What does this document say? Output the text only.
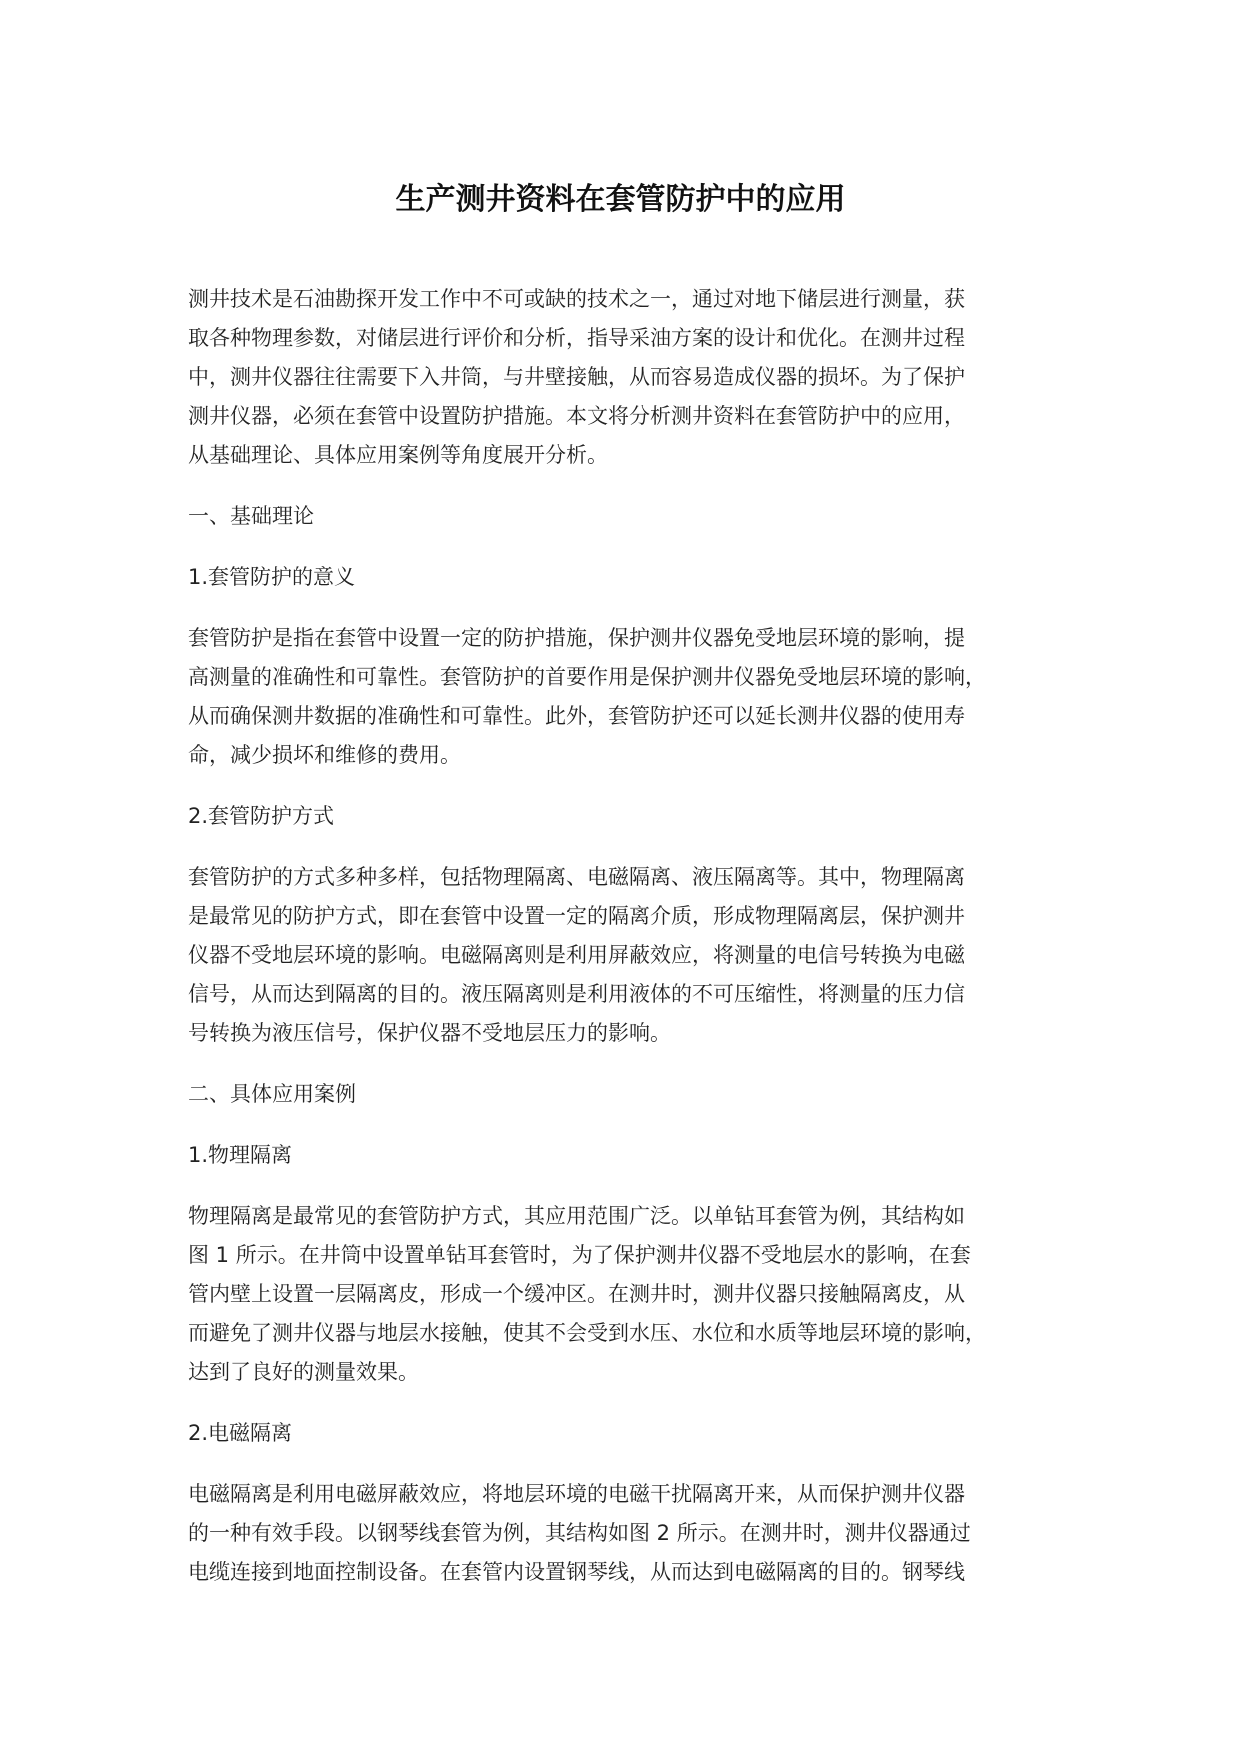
生产测井资料在套管防护中的应用
测井技术是石油勘探开发工作中不可或缺的技术之一，通过对地下储层进行测量，获
取各种物理参数，对储层进行评价和分析，指导采油方案的设计和优化。在测井过程
中，测井仪器往往需要下入井筒，与井壁接触，从而容易造成仪器的损坏。为了保护
测井仪器，必须在套管中设置防护措施。本文将分析测井资料在套管防护中的应用，
从基础理论、具体应用案例等角度展开分析。
一、基础理论
1.套管防护的意义
套管防护是指在套管中设置一定的防护措施，保护测井仪器免受地层环境的影响，提
高测量的准确性和可靠性。套管防护的首要作用是保护测井仪器免受地层环境的影响，
从而确保测井数据的准确性和可靠性。此外，套管防护还可以延长测井仪器的使用寿
命，减少损坏和维修的费用。
2.套管防护方式
套管防护的方式多种多样，包括物理隔离、电磁隔离、液压隔离等。其中，物理隔离
是最常见的防护方式，即在套管中设置一定的隔离介质，形成物理隔离层，保护测井
仪器不受地层环境的影响。电磁隔离则是利用屏蔽效应，将测量的电信号转换为电磁
信号，从而达到隔离的目的。液压隔离则是利用液体的不可压缩性，将测量的压力信
号转换为液压信号，保护仪器不受地层压力的影响。
二、具体应用案例
1.物理隔离
物理隔离是最常见的套管防护方式，其应用范围广泛。以单钻耳套管为例，其结构如
图 1 所示。在井筒中设置单钻耳套管时，为了保护测井仪器不受地层水的影响，在套
管内壁上设置一层隔离皮，形成一个缓冲区。在测井时，测井仪器只接触隔离皮，从
而避免了测井仪器与地层水接触，使其不会受到水压、水位和水质等地层环境的影响，
达到了良好的测量效果。
2.电磁隔离
电磁隔离是利用电磁屏蔽效应，将地层环境的电磁干扰隔离开来，从而保护测井仪器
的一种有效手段。以钢琴线套管为例，其结构如图 2 所示。在测井时，测井仪器通过
电缆连接到地面控制设备。在套管内设置钢琴线，从而达到电磁隔离的目的。钢琴线
